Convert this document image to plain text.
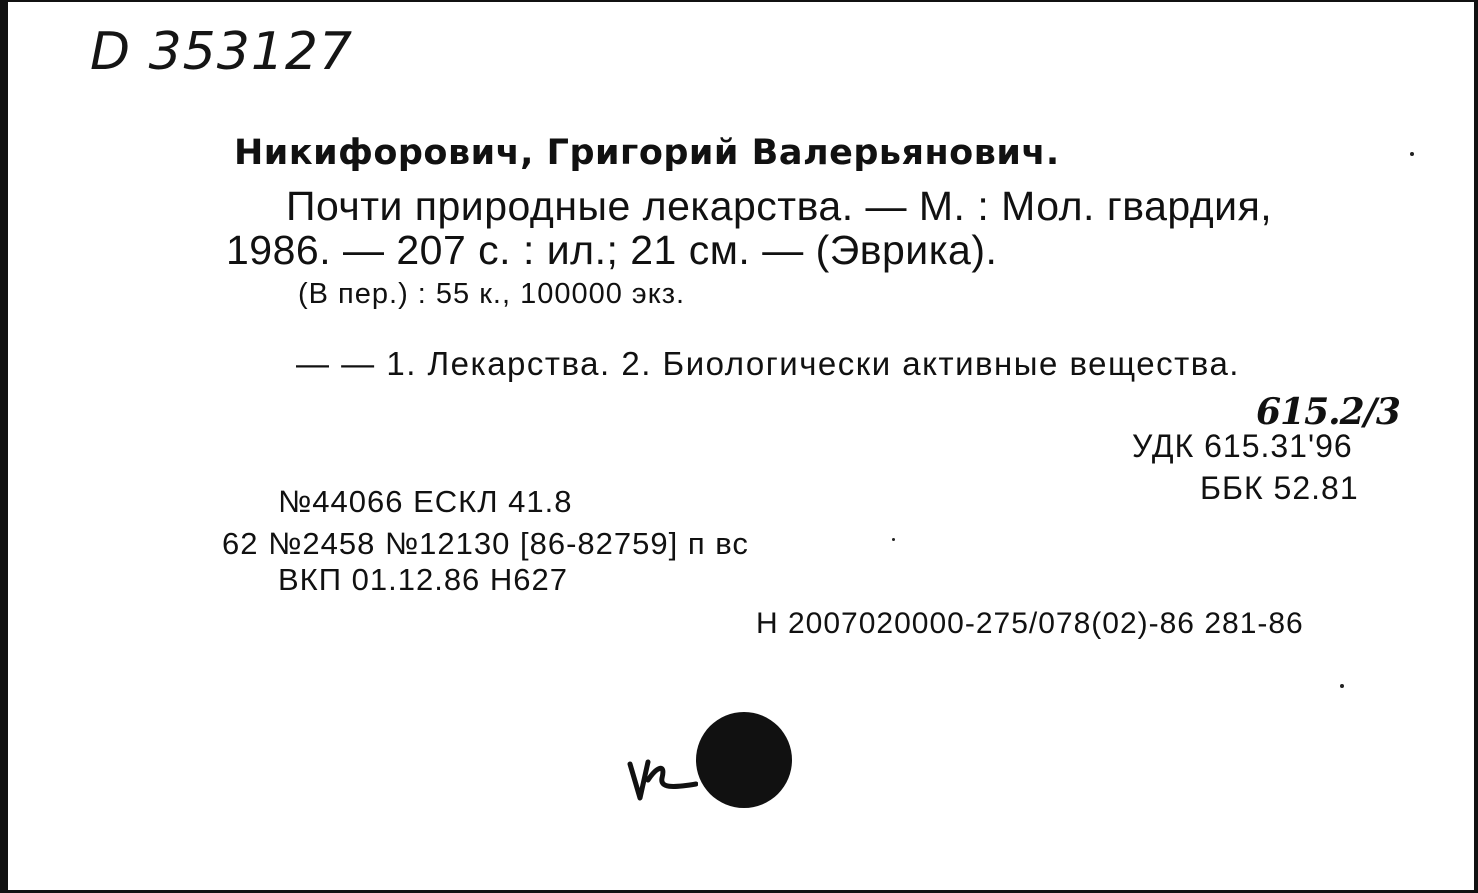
D 353127
Никифорович, Григорий Валерьянович.
Почти природные лекарства. — М. : Мол. гвардия,
1986. — 207 с. : ил.; 21 см. — (Эврика).
(В пер.) : 55 к., 100000 экз.
— — 1. Лекарства. 2. Биологически активные вещества.
615.2/3
УДК 615.31'96
ББК 52.81
№44066 ЕСКЛ 41.8
62 №2458 №12130 [86-82759] п вс
ВКП 01.12.86 Н627
Н 2007020000-275/078(02)-86 281-86
